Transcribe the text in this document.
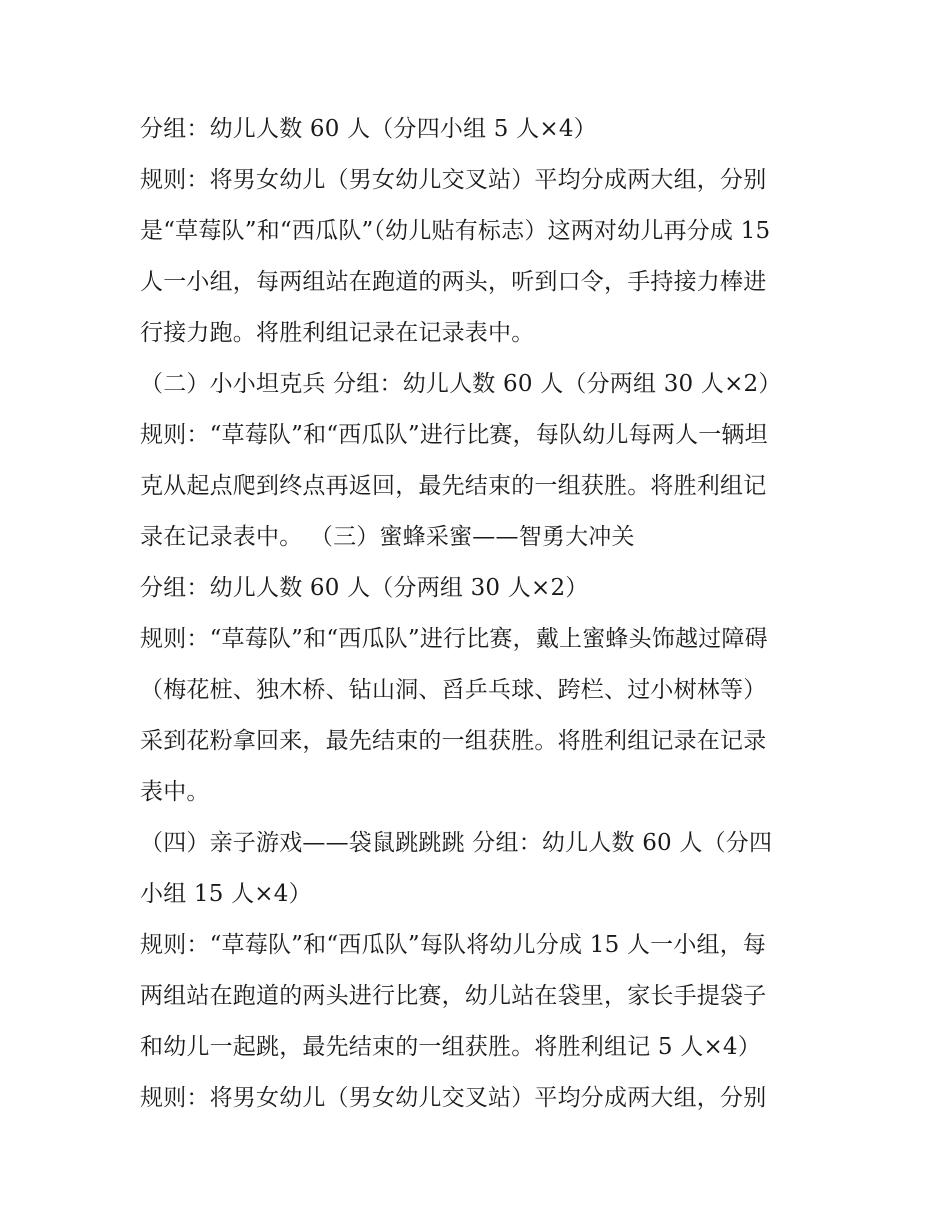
分组：幼儿人数 60 人（分四小组 5 人×4）
规则：将男女幼儿（男女幼儿交叉站）平均分成两大组，分别
是“草莓队”和“西瓜队”（幼儿贴有标志）这两对幼儿再分成 15
人一小组，每两组站在跑道的两头，听到口令，手持接力棒进
行接力跑。将胜利组记录在记录表中。
（二）小小坦克兵 分组：幼儿人数 60 人（分两组 30 人×2）
规则：“草莓队”和“西瓜队”进行比赛，每队幼儿每两人一辆坦
克从起点爬到终点再返回，最先结束的一组获胜。将胜利组记
录在记录表中。 （三）蜜蜂采蜜——智勇大冲关
分组：幼儿人数 60 人（分两组 30 人×2）
规则：“草莓队”和“西瓜队”进行比赛，戴上蜜蜂头饰越过障碍
（梅花桩、独木桥、钻山洞、舀乒乓球、跨栏、过小树林等）
采到花粉拿回来，最先结束的一组获胜。将胜利组记录在记录
表中。
（四）亲子游戏——袋鼠跳跳跳 分组：幼儿人数 60 人（分四
小组 15 人×4）
规则：“草莓队”和“西瓜队”每队将幼儿分成 15 人一小组，每
两组站在跑道的两头进行比赛，幼儿站在袋里，家长手提袋子
和幼儿一起跳，最先结束的一组获胜。将胜利组记 5 人×4）
规则：将男女幼儿（男女幼儿交叉站）平均分成两大组，分别
